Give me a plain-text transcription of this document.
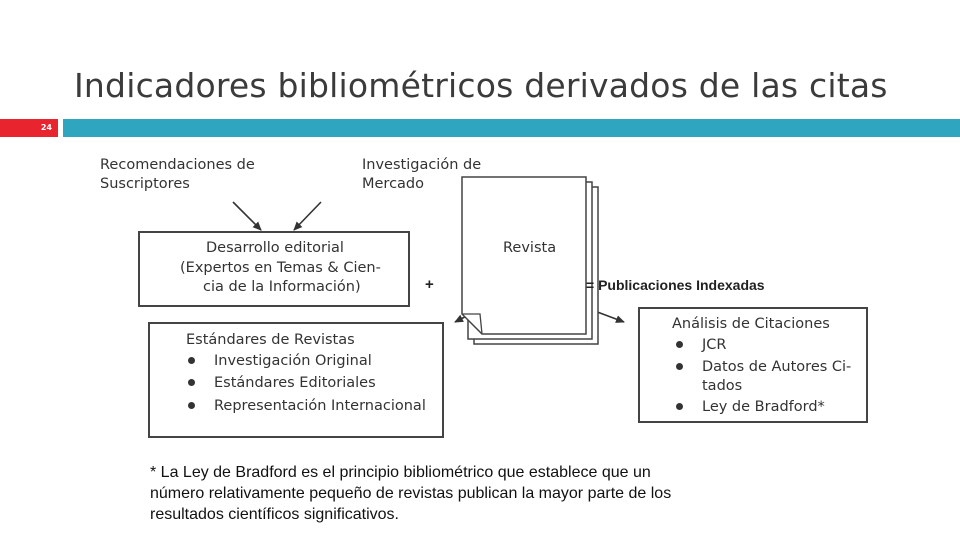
Indicadores bibliométricos derivados de las citas
24
Recomendaciones de
Suscriptores
Investigación de
Mercado
Desarrollo editorial
(Expertos en Temas & Cien-
cia de la Información)	+
Revista
= Publicaciones Indexadas
Estándares de Revistas
Investigación Original
Estándares Editoriales
Representación Internacional
Análisis de Citaciones
JCR
Datos de Autores Ci-
tados
Ley de Bradford*
* La Ley de Bradford es el principio bibliométrico que establece que un
número relativamente pequeño de revistas publican la mayor parte de los
resultados científicos significativos.
